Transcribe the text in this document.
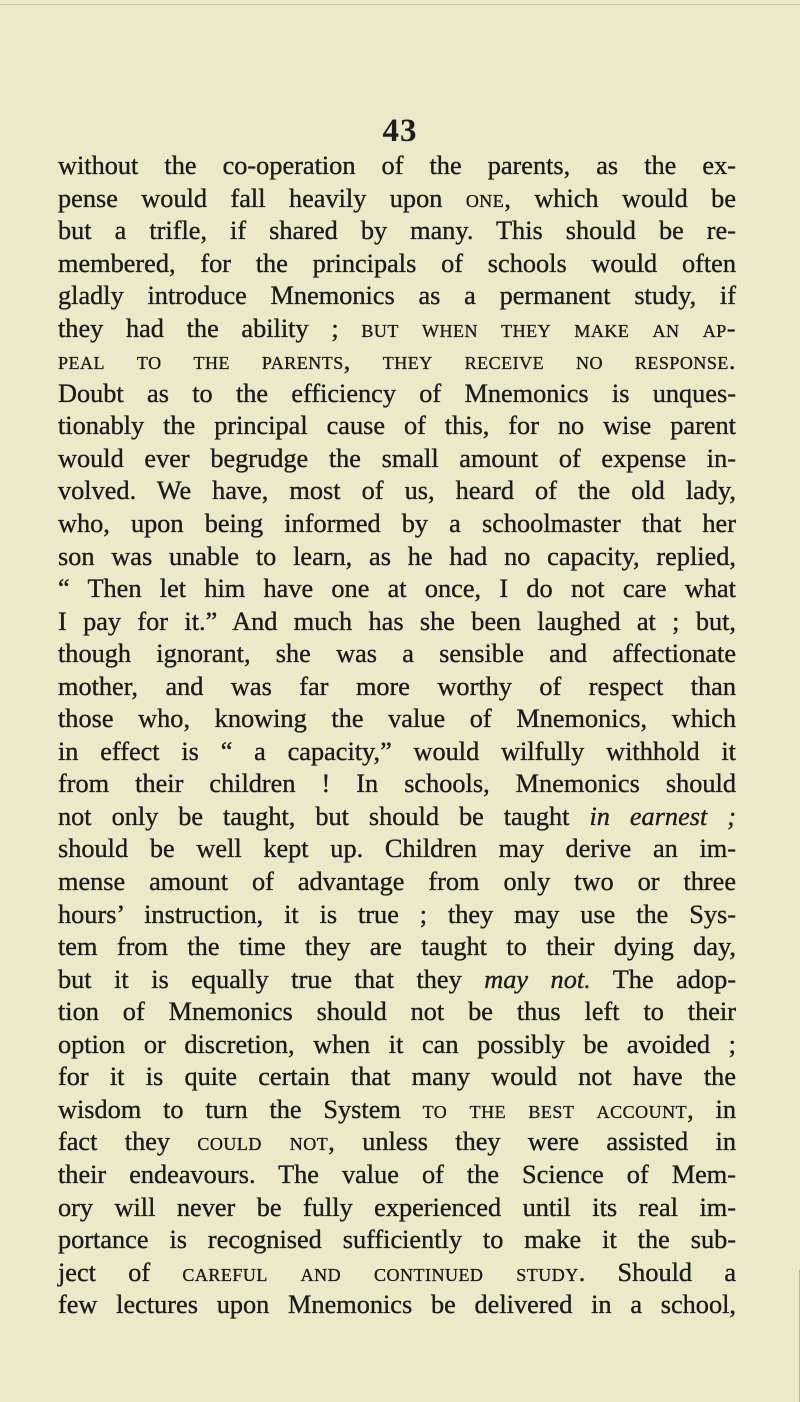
43
without the co-operation of the parents, as the ex-
pense would fall heavily upon one, which would be
but a trifle, if shared by many. This should be re-
membered, for the principals of schools would often
gladly introduce Mnemonics as a permanent study, if
they had the ability ; but when they make an ap-
peal to the parents, they receive no response.
Doubt as to the efficiency of Mnemonics is unques-
tionably the principal cause of this, for no wise parent
would ever begrudge the small amount of expense in-
volved. We have, most of us, heard of the old lady,
who, upon being informed by a schoolmaster that her
son was unable to learn, as he had no capacity, replied,
“ Then let him have one at once, I do not care what
I pay for it.” And much has she been laughed at ; but,
though ignorant, she was a sensible and affectionate
mother, and was far more worthy of respect than
those who, knowing the value of Mnemonics, which
in effect is “ a capacity,” would wilfully withhold it
from their children ! In schools, Mnemonics should
not only be taught, but should be taught in earnest ;
should be well kept up. Children may derive an im-
mense amount of advantage from only two or three
hours’ instruction, it is true ; they may use the Sys-
tem from the time they are taught to their dying day,
but it is equally true that they may not. The adop-
tion of Mnemonics should not be thus left to their
option or discretion, when it can possibly be avoided ;
for it is quite certain that many would not have the
wisdom to turn the System to the best account, in
fact they could not, unless they were assisted in
their endeavours. The value of the Science of Mem-
ory will never be fully experienced until its real im-
portance is recognised sufficiently to make it the sub-
ject of careful and continued study. Should a
few lectures upon Mnemonics be delivered in a school,
